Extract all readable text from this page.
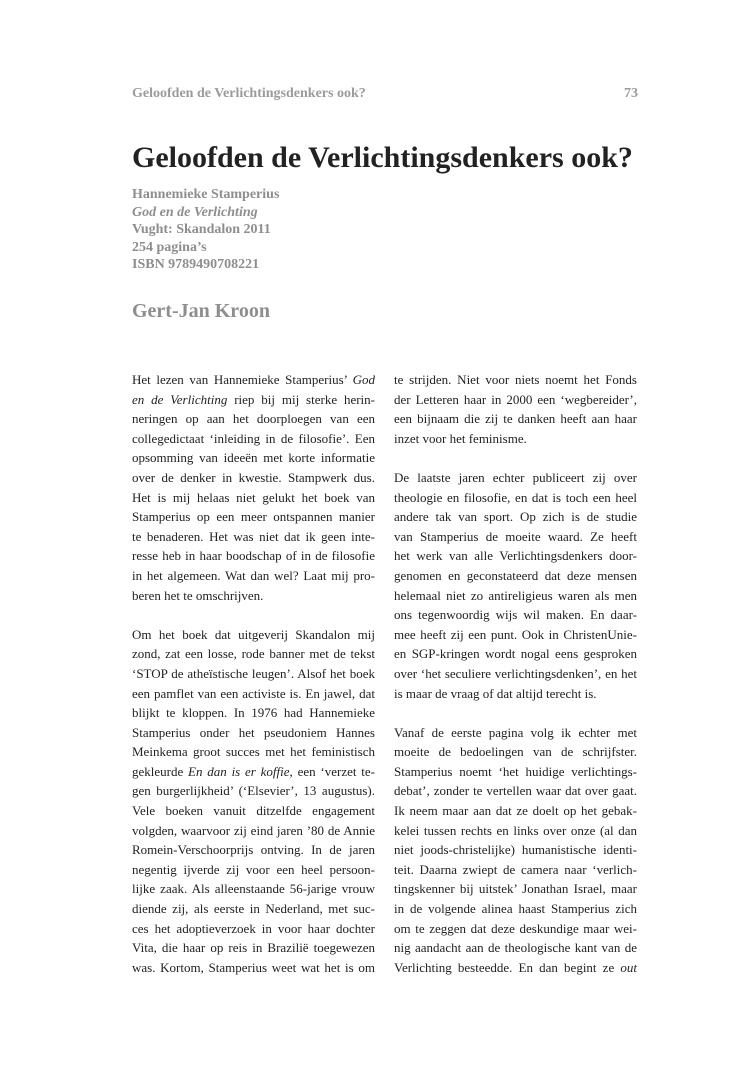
Geloofden de Verlichtingsdenkers ook?	73
Geloofden de Verlichtingsdenkers ook?
Hannemieke Stamperius
God en de Verlichting
Vught: Skandalon 2011
254 pagina’s
ISBN 9789490708221
Gert-Jan Kroon
Het lezen van Hannemieke Stamperius’ God
en de Verlichting riep bij mij sterke herin-
neringen op aan het doorploegen van een
collegedictaat ‘inleiding in de filosofie’. Een
opsomming van ideeën met korte informatie
over de denker in kwestie. Stampwerk dus.
Het is mij helaas niet gelukt het boek van
Stamperius op een meer ontspannen manier
te benaderen. Het was niet dat ik geen inte-
resse heb in haar boodschap of in de filosofie
in het algemeen. Wat dan wel? Laat mij pro-
beren het te omschrijven.
Om het boek dat uitgeverij Skandalon mij
zond, zat een losse, rode banner met de tekst
‘STOP de atheïstische leugen’. Alsof het boek
een pamflet van een activiste is. En jawel, dat
blijkt te kloppen. In 1976 had Hannemieke
Stamperius onder het pseudoniem Hannes
Meinkema groot succes met het feministisch
gekleurde En dan is er koffie, een ‘verzet te-
gen burgerlijkheid’ (‘Elsevier’, 13 augustus).
Vele boeken vanuit ditzelfde engagement
volgden, waarvoor zij eind jaren ’80 de Annie
Romein-Verschoorprijs ontving. In de jaren
negentig ijverde zij voor een heel persoon-
lijke zaak. Als alleenstaande 56-jarige vrouw
diende zij, als eerste in Nederland, met suc-
ces het adoptieverzoek in voor haar dochter
Vita, die haar op reis in Brazilië toegewezen
was. Kortom, Stamperius weet wat het is om
te strijden. Niet voor niets noemt het Fonds
der Letteren haar in 2000 een ‘wegbereider’,
een bijnaam die zij te danken heeft aan haar
inzet voor het feminisme.
De laatste jaren echter publiceert zij over
theologie en filosofie, en dat is toch een heel
andere tak van sport. Op zich is de studie
van Stamperius de moeite waard. Ze heeft
het werk van alle Verlichtingsdenkers door-
genomen en geconstateerd dat deze mensen
helemaal niet zo antireligieus waren als men
ons tegenwoordig wijs wil maken. En daar-
mee heeft zij een punt. Ook in ChristenUnie-
en SGP-kringen wordt nogal eens gesproken
over ‘het seculiere verlichtingsdenken’, en het
is maar de vraag of dat altijd terecht is.
Vanaf de eerste pagina volg ik echter met
moeite de bedoelingen van de schrijfster.
Stamperius noemt ‘het huidige verlichtings-
debat’, zonder te vertellen waar dat over gaat.
Ik neem maar aan dat ze doelt op het gebak-
kelei tussen rechts en links over onze (al dan
niet joods-christelijke) humanistische identi-
teit. Daarna zwiept de camera naar ‘verlich-
tingskenner bij uitstek’ Jonathan Israel, maar
in de volgende alinea haast Stamperius zich
om te zeggen dat deze deskundige maar wei-
nig aandacht aan de theologische kant van de
Verlichting besteedde. En dan begint ze out
